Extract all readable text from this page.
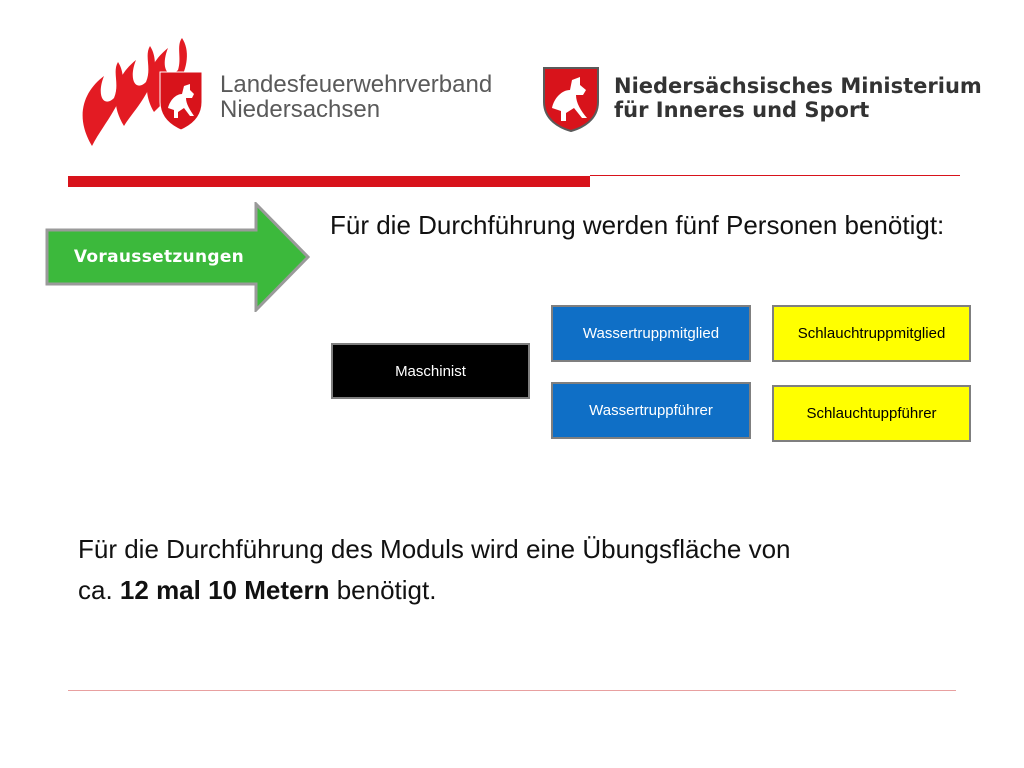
Landesfeuerwehrverband
Niedersachsen
Niedersächsisches Ministerium
für Inneres und Sport
Voraussetzungen
Für die Durchführung werden fünf Personen benötigt:
Maschinist
Wassertruppmitglied
Wassertruppführer
Schlauchtruppmitglied
Schlauchtuppführer
Für die Durchführung des Moduls wird eine Übungsfläche von
ca. 12 mal 10 Metern benötigt.
